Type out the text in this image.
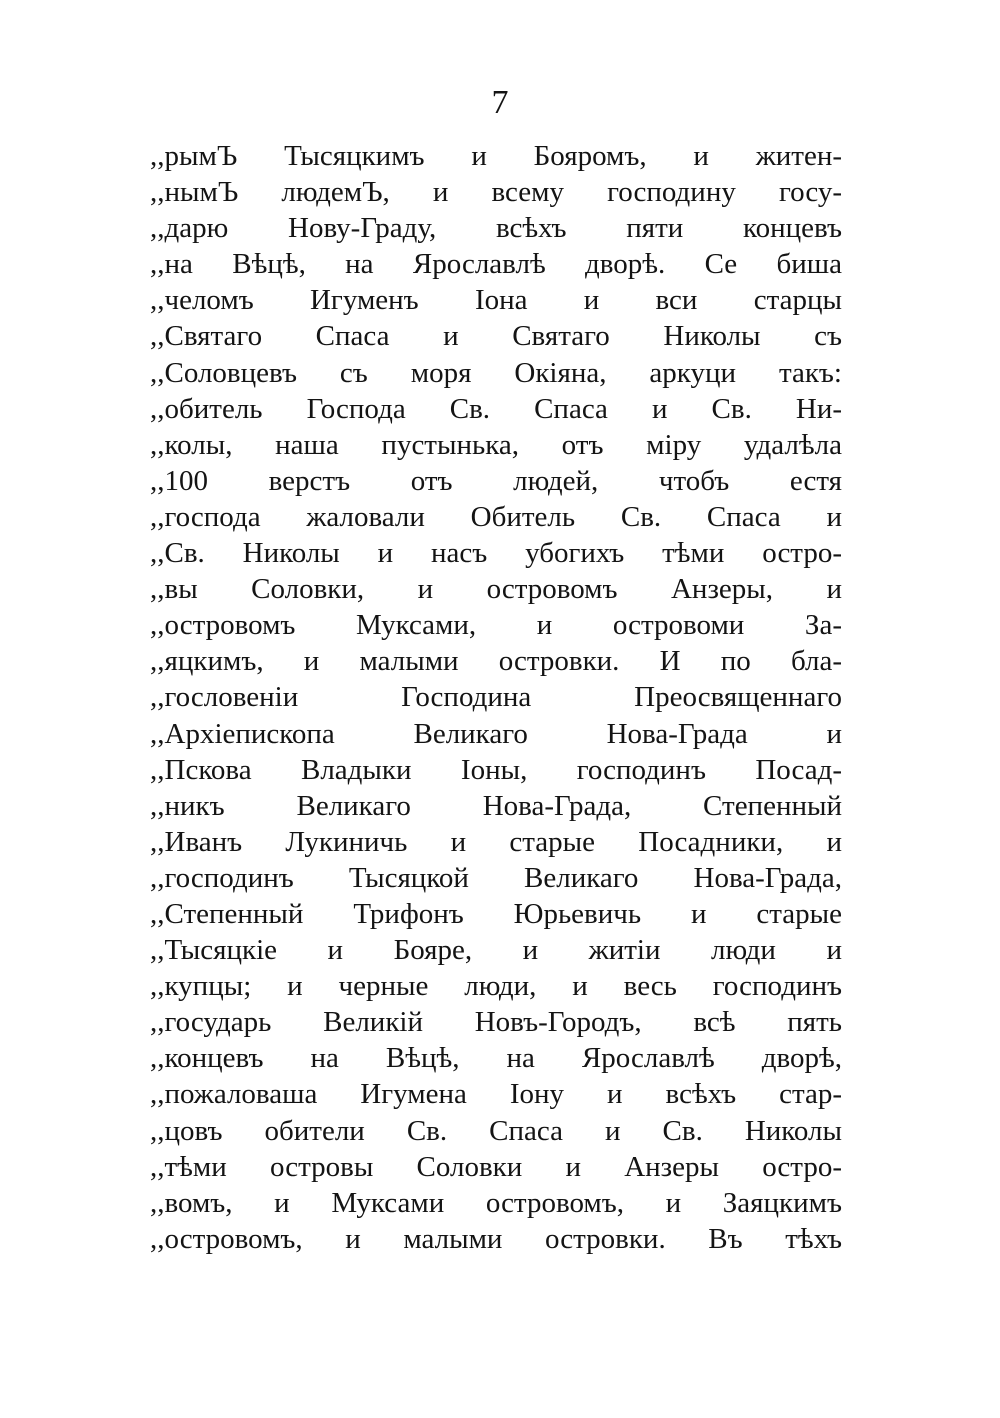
7
,,рымЪ Тысяцкимъ и Бояромъ, и житен-
,,нымЪ людемЪ, и всему господину госу-
,,дарю Нову-Граду, всѣхъ пяти концевъ
,,на Вѣцѣ, на Ярославлѣ дворѣ. Се биша
,,челомъ Игуменъ Іона и вси старцы
,,Святаго Спаса и Святаго Николы съ
,,Соловцевъ съ моря Окіяна, аркуци такъ:
,,обитель Господа Св. Спаса и Св. Ни-
,,колы, наша пустынька, отъ міру удалѣла
,,100 верстъ отъ людей, чтобъ естя
,,господа жаловали Обитель Св. Спаса и
,,Св. Николы и насъ убогихъ тѣми остро-
,,вы Соловки, и островомъ Анзеры, и
,,островомъ Муксами, и островоми За-
,,яцкимъ, и малыми островки. И по бла-
,,гословеніи Господина Преосвященнаго
,,Архіепископа Великаго Нова-Града и
,,Пскова Владыки Іоны, господинъ Посад-
,,никъ Великаго Нова-Града, Степенный
,,Иванъ Лукиничь и старые Посадники, и
,,господинъ Тысяцкой Великаго Нова-Града,
,,Степенный Трифонъ Юрьевичь и старые
,,Тысяцкіе и Бояре, и житіи люди и
,,купцы; и черные люди, и весь господинъ
,,государь Великій Новъ-Городъ, всѣ пять
,,концевъ на Вѣцѣ, на Ярославлѣ дворѣ,
,,пожаловаша Игумена Іону и всѣхъ стар-
,,цовъ обители Св. Спаса и Св. Николы
,,тѣми островы Соловки и Анзеры остро-
,,вомъ, и Муксами островомъ, и Заяцкимъ
,,островомъ, и малыми островки. Въ тѣхъ
